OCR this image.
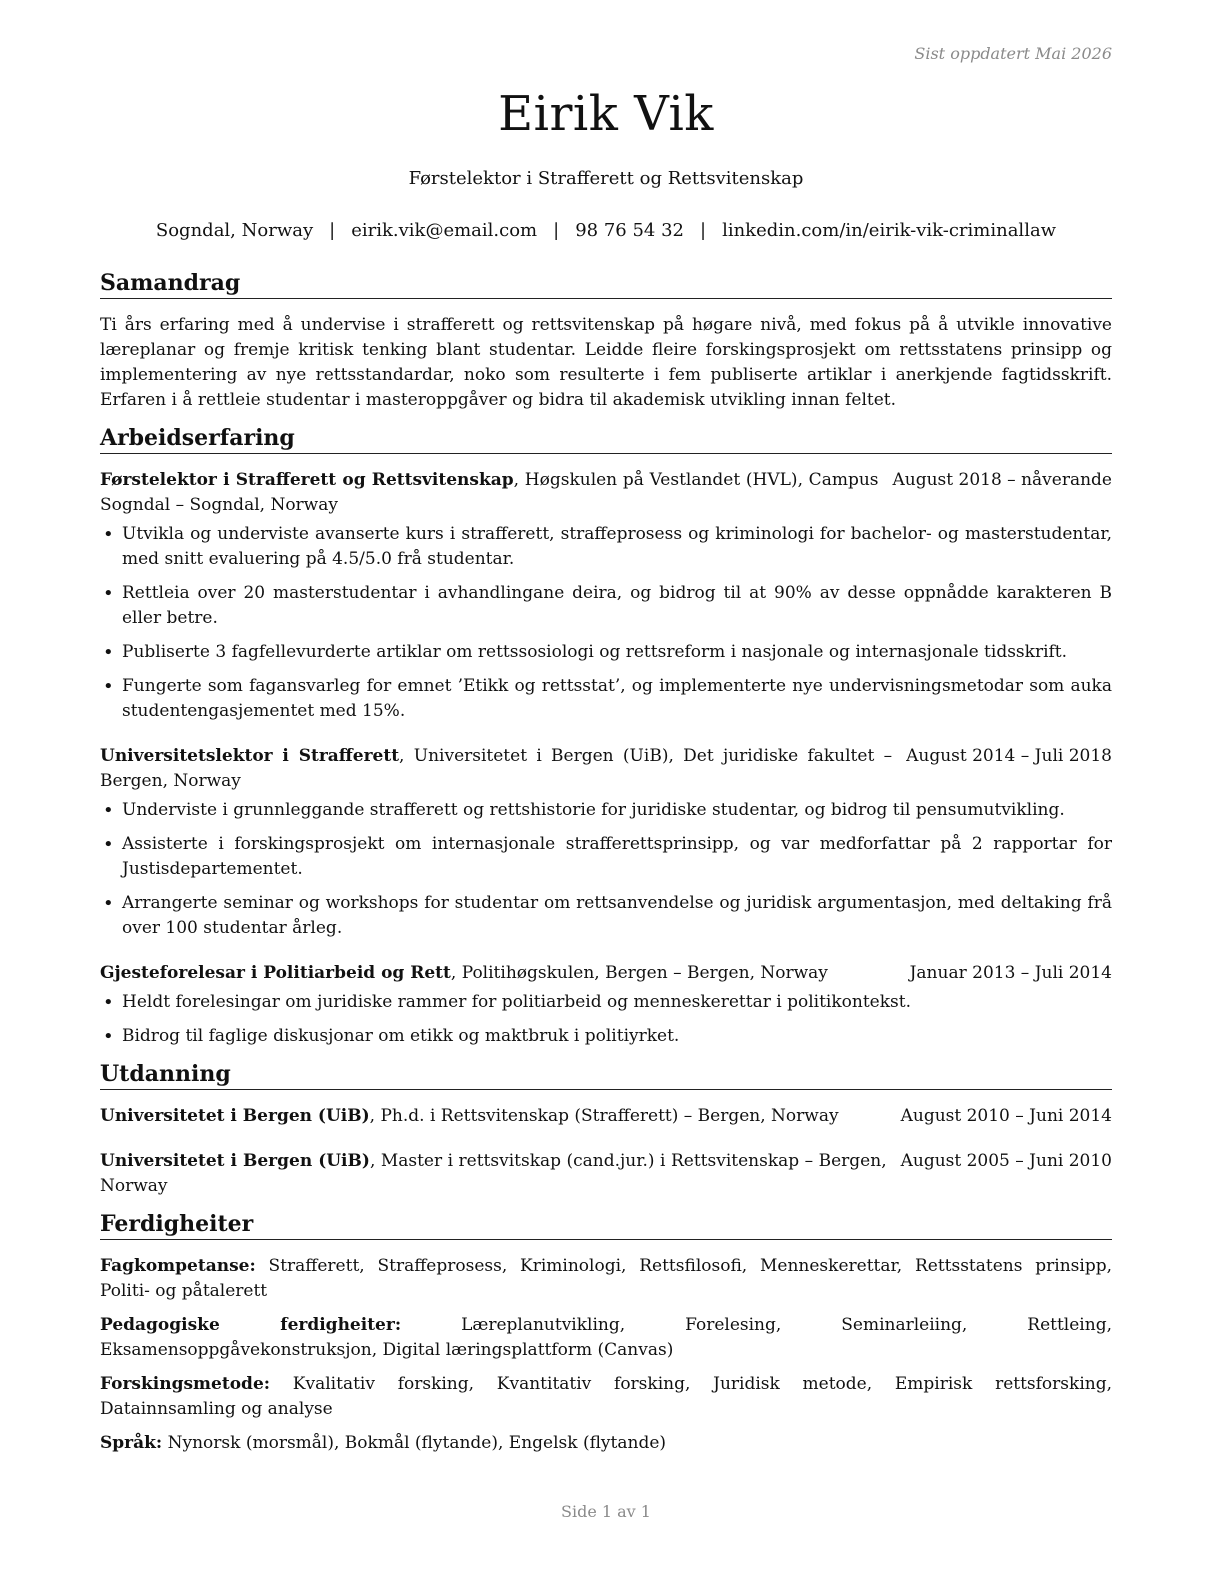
Sist oppdatert Mai 2026
Eirik Vik
Førstelektor i Strafferett og Rettsvitenskap
Sogndal, Norway | eirik.vik@email.com | 98 76 54 32 | linkedin.com/in/eirik-vik-criminallaw
Samandrag
Ti års erfaring med å undervise i strafferett og rettsvitenskap på høgare nivå, med fokus på å utvikle innovative læreplanar og fremje kritisk tenking blant studentar. Leidde fleire forskingsprosjekt om rettsstatens prinsipp og implementering av nye rettsstandardar, noko som resulterte i fem publiserte artiklar i anerkjende fagtidsskrift. Erfaren i å rettleie studentar i masteroppgåver og bidra til akademisk utvikling innan feltet.
Arbeidserfaring
Førstelektor i Strafferett og Rettsvitenskap, Høgskulen på Vestlandet (HVL), Campus Sogndal – Sogndal, Norway
August 2018 – nåverande
• Utvikla og underviste avanserte kurs i strafferett, straffeprosess og kriminologi for bachelor- og masterstudentar, med snitt evaluering på 4.5/5.0 frå studentar.
• Rettleia over 20 masterstudentar i avhandlingane deira, og bidrog til at 90% av desse oppnådde karakteren B eller betre.
• Publiserte 3 fagfellevurderte artiklar om rettssosiologi og rettsreform i nasjonale og internasjonale tidsskrift.
• Fungerte som fagansvarleg for emnet ’Etikk og rettsstat’, og implementerte nye undervisningsmetodar som auka studentengasjementet med 15%.
Universitetslektor i Strafferett, Universitetet i Bergen (UiB), Det juridiske fakultet – Bergen, Norway
August 2014 – Juli 2018
• Underviste i grunnleggande strafferett og rettshistorie for juridiske studentar, og bidrog til pensumutvikling.
• Assisterte i forskingsprosjekt om internasjonale strafferettsprinsipp, og var medforfattar på 2 rapportar for Justisdepartementet.
• Arrangerte seminar og workshops for studentar om rettsanvendelse og juridisk argumentasjon, med deltaking frå over 100 studentar årleg.
Gjesteforelesar i Politiarbeid og Rett, Politihøgskulen, Bergen – Bergen, Norway	Januar 2013 – Juli 2014
• Heldt forelesingar om juridiske rammer for politiarbeid og menneskerettar i politikontekst.
• Bidrog til faglige diskusjonar om etikk og maktbruk i politiyrket.
Utdanning
Universitetet i Bergen (UiB), Ph.d. i Rettsvitenskap (Strafferett) – Bergen, Norway	August 2010 – Juni 2014
Universitetet i Bergen (UiB), Master i rettsvitskap (cand.jur.) i Rettsvitenskap – Bergen, Norway
August 2005 – Juni 2010
Ferdigheiter
Fagkompetanse: Strafferett, Straffeprosess, Kriminologi, Rettsfilosofi, Menneskerettar, Rettsstatens prinsipp, Politi- og påtalerett
Pedagogiske ferdigheiter: Læreplanutvikling, Forelesing, Seminarleiing, Rettleing, Eksamensoppgåvekonstruksjon, Digital læringsplattform (Canvas)
Forskingsmetode: Kvalitativ forsking, Kvantitativ forsking, Juridisk metode, Empirisk rettsforsking, Datainnsamling og analyse
Språk: Nynorsk (morsmål), Bokmål (flytande), Engelsk (flytande)
Side 1 av 1
